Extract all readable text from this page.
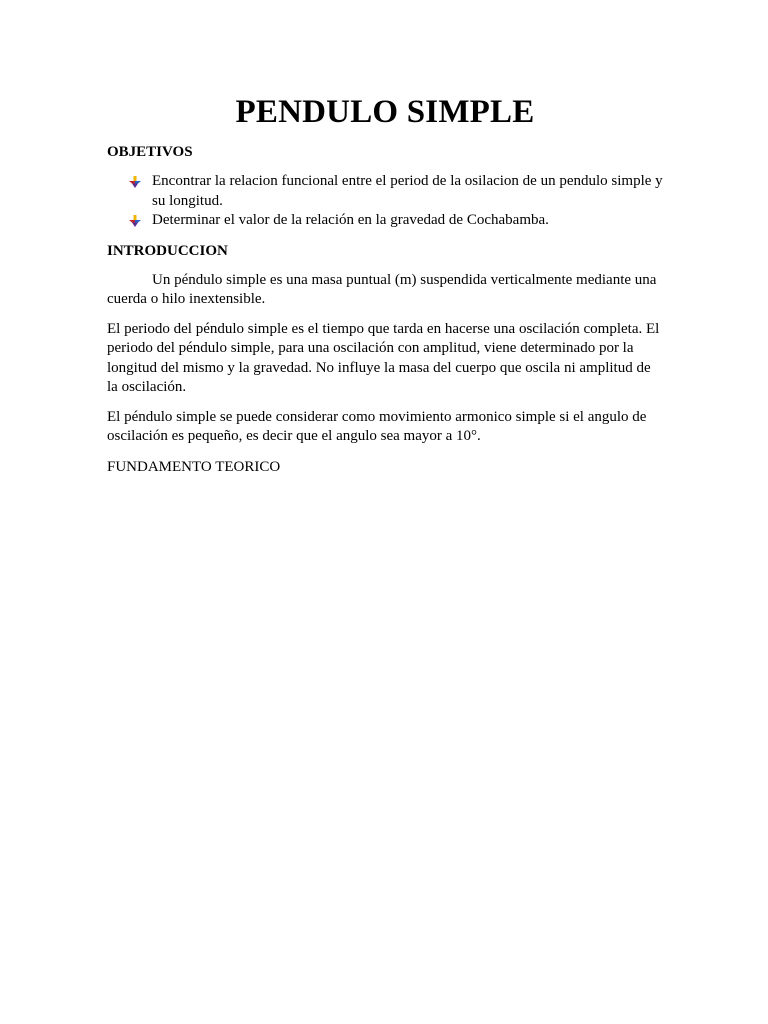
PENDULO SIMPLE
OBJETIVOS
Encontrar la relacion funcional entre el period de la osilacion de un pendulo simple y su longitud.
Determinar el valor de la relación en la gravedad de Cochabamba.
INTRODUCCION

Un péndulo simple es una masa puntual (m) suspendida verticalmente mediante una cuerda o hilo inextensible.

El periodo del péndulo simple es el tiempo que tarda en hacerse una oscilación completa. El periodo del péndulo simple, para una oscilación con amplitud, viene determinado por la longitud del mismo y la gravedad. No influye la masa del cuerpo que oscila ni amplitud de la oscilación.

El péndulo simple se puede considerar como movimiento armonico simple si el angulo de oscilación es pequeño, es decir que el angulo sea mayor a 10°.

FUNDAMENTO TEORICO
